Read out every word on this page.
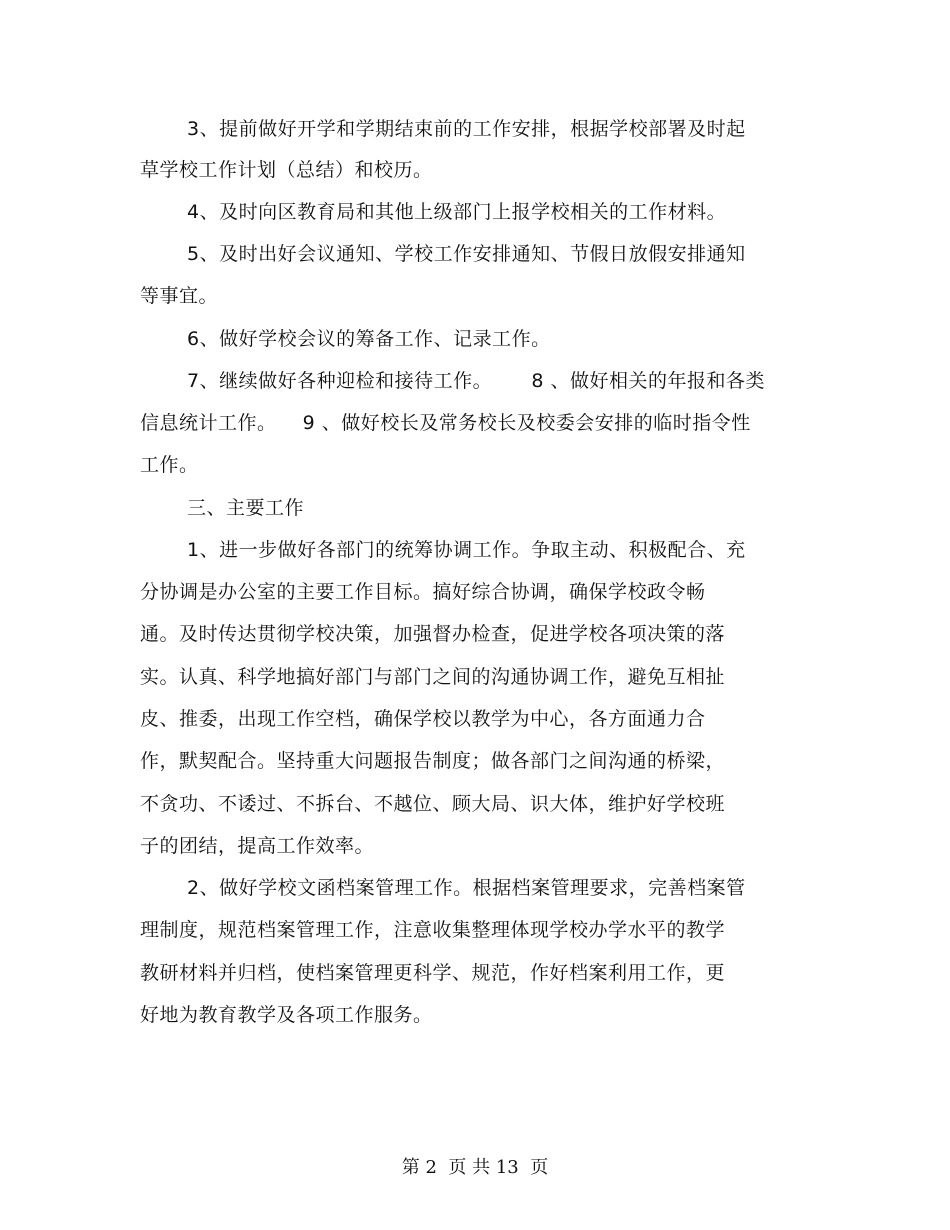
3、提前做好开学和学期结束前的工作安排，根据学校部署及时起
草学校工作计划（总结）和校历。
4、及时向区教育局和其他上级部门上报学校相关的工作材料。
5、及时出好会议通知、学校工作安排通知、节假日放假安排通知
等事宜。
6、做好学校会议的筹备工作、记录工作。
7、继续做好各种迎检和接待工作。      8 、做好相关的年报和各类
信息统计工作。    9 、做好校长及常务校长及校委会安排的临时指令性
工作。
三、主要工作
1、进一步做好各部门的统筹协调工作。争取主动、积极配合、充
分协调是办公室的主要工作目标。搞好综合协调，确保学校政令畅
通。及时传达贯彻学校决策，加强督办检查，促进学校各项决策的落
实。认真、科学地搞好部门与部门之间的沟通协调工作，避免互相扯
皮、推委，出现工作空档，确保学校以教学为中心，各方面通力合
作，默契配合。坚持重大问题报告制度；做各部门之间沟通的桥梁，
不贪功、不诿过、不拆台、不越位、顾大局、识大体，维护好学校班
子的团结，提高工作效率。
2、做好学校文函档案管理工作。根据档案管理要求，完善档案管
理制度，规范档案管理工作，注意收集整理体现学校办学水平的教学
教研材料并归档，使档案管理更科学、规范，作好档案利用工作，更
好地为教育教学及各项工作服务。
第 2  页 共 13  页
